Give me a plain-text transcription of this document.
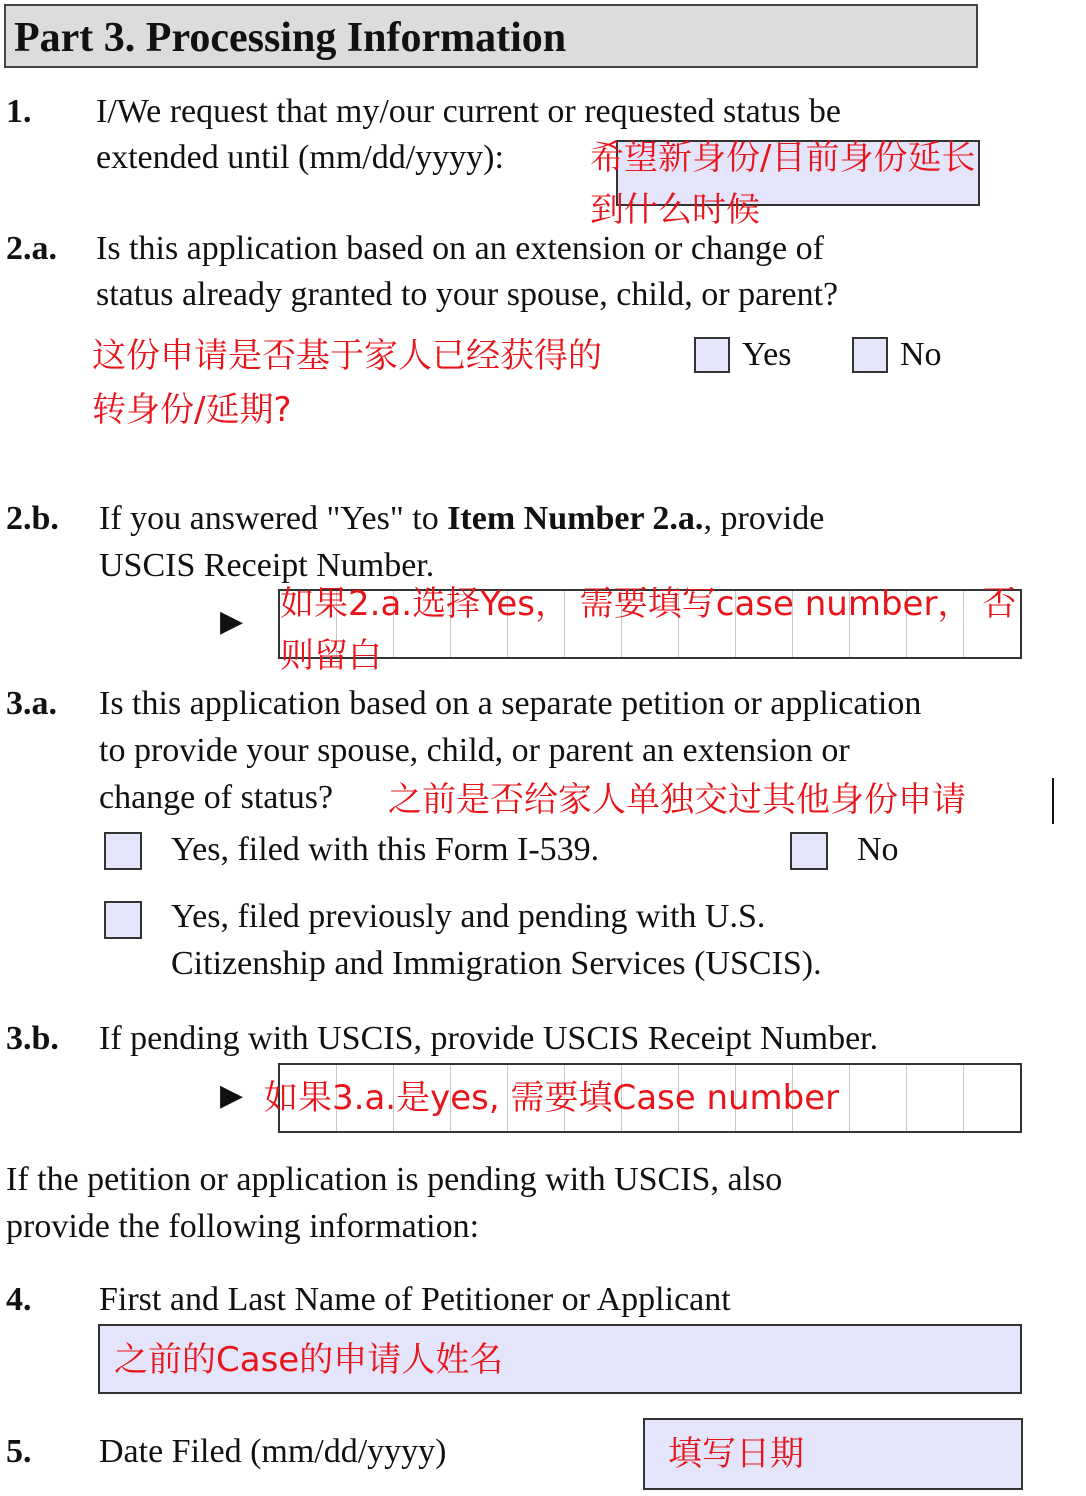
Part 3. Processing Information
1. I/We request that my/our current or requested status be
extended until (mm/dd/yyyy):	希望新身份/目前身份延长
到什么时候
2.a. Is this application based on an extension or change of
status already granted to your spouse, child, or parent?
这份申请是否基于家人已经获得的
转身份/延期?
Yes	No
2.b. If you answered "Yes" to Item Number 2.a., provide
USCIS Receipt Number.
▶ 如果2.a.选择Yes， 需要填写case number， 否
则留白
3.a. Is this application based on a separate petition or application
to provide your spouse, child, or parent an extension or
change of status? 之前是否给家人单独交过其他身份申请
Yes, filed with this Form I-539.	No
Yes, filed previously and pending with U.S.
Citizenship and Immigration Services (USCIS).
3.b. If pending with USCIS, provide USCIS Receipt Number.
▶ 如果3.a.是yes, 需要填Case number
If the petition or application is pending with USCIS, also
provide the following information:
4. First and Last Name of Petitioner or Applicant
之前的Case的申请人姓名
5. Date Filed (mm/dd/yyyy)	填写日期
